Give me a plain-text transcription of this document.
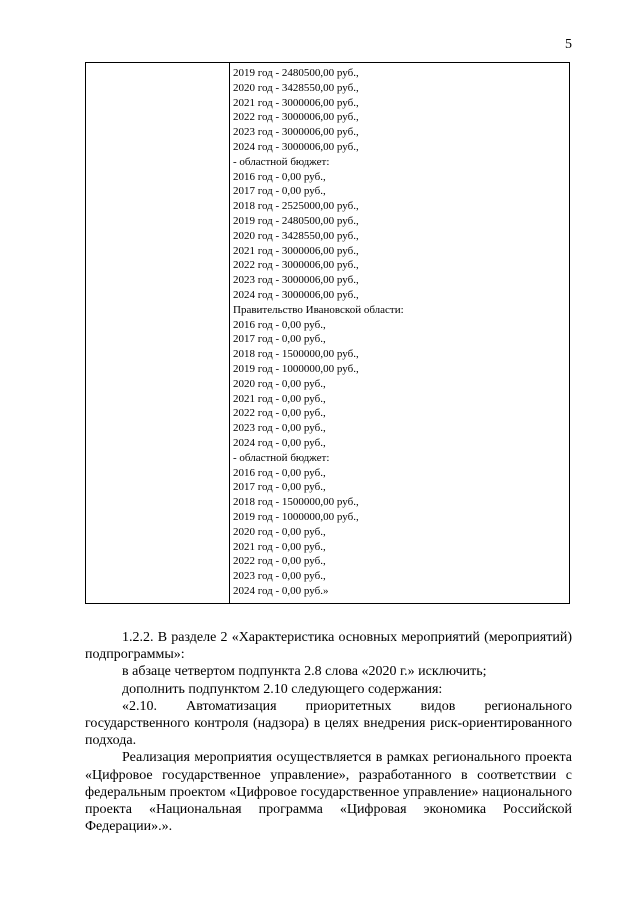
5
2019 год - 2480500,00 руб.,
2020 год - 3428550,00 руб.,
2021 год - 3000006,00 руб.,
2022 год - 3000006,00 руб.,
2023 год - 3000006,00 руб.,
2024 год - 3000006,00 руб.,
- областной бюджет:
2016 год - 0,00 руб.,
2017 год - 0,00 руб.,
2018 год - 2525000,00 руб.,
2019 год - 2480500,00 руб.,
2020 год - 3428550,00 руб.,
2021 год - 3000006,00 руб.,
2022 год - 3000006,00 руб.,
2023 год - 3000006,00 руб.,
2024 год - 3000006,00 руб.,
Правительство Ивановской области:
2016 год - 0,00 руб.,
2017 год - 0,00 руб.,
2018 год - 1500000,00 руб.,
2019 год - 1000000,00 руб.,
2020 год - 0,00 руб.,
2021 год - 0,00 руб.,
2022 год - 0,00 руб.,
2023 год - 0,00 руб.,
2024 год - 0,00 руб.,
- областной бюджет:
2016 год - 0,00 руб.,
2017 год - 0,00 руб.,
2018 год - 1500000,00 руб.,
2019 год - 1000000,00 руб.,
2020 год - 0,00 руб.,
2021 год - 0,00 руб.,
2022 год - 0,00 руб.,
2023 год - 0,00 руб.,
2024 год - 0,00 руб.»

1.2.2. В разделе 2 «Характеристика основных мероприятий (мероприятий) подпрограммы»:

в абзаце четвертом подпункта 2.8 слова «2020 г.» исключить;

дополнить подпунктом 2.10 следующего содержания:

«2.10. Автоматизация приоритетных видов регионального государственного контроля (надзора) в целях внедрения риск-ориентированного подхода.

Реализация мероприятия осуществляется в рамках регионального проекта «Цифровое государственное управление», разработанного в соответствии с федеральным проектом «Цифровое государственное управление» национального проекта «Национальная программа «Цифровая экономика Российской Федерации».».
